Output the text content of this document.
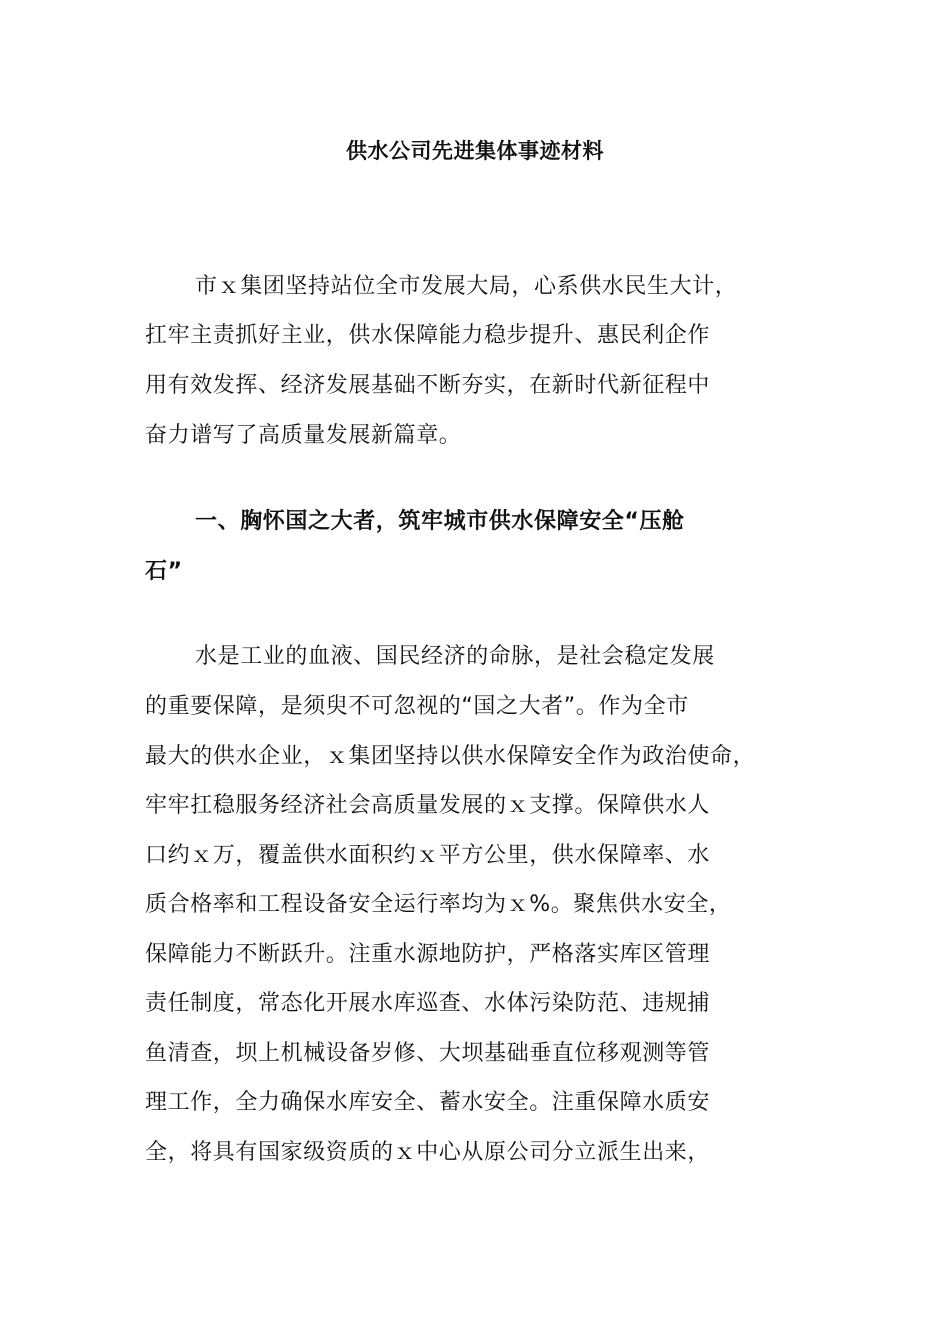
供水公司先进集体事迹材料
市ｘ集团坚持站位全市发展大局，心系供水民生大计，
扛牢主责抓好主业，供水保障能力稳步提升、惠民利企作
用有效发挥、经济发展基础不断夯实，在新时代新征程中
奋力谱写了高质量发展新篇章。
一、胸怀国之大者，筑牢城市供水保障安全“压舱
石”
水是工业的血液、国民经济的命脉，是社会稳定发展
的重要保障，是须臾不可忽视的“国之大者”。作为全市
最大的供水企业，ｘ集团坚持以供水保障安全作为政治使命，
牢牢扛稳服务经济社会高质量发展的ｘ支撑。保障供水人
口约ｘ万，覆盖供水面积约ｘ平方公里，供水保障率、水
质合格率和工程设备安全运行率均为ｘ%。聚焦供水安全，
保障能力不断跃升。注重水源地防护，严格落实库区管理
责任制度，常态化开展水库巡查、水体污染防范、违规捕
鱼清查，坝上机械设备岁修、大坝基础垂直位移观测等管
理工作，全力确保水库安全、蓄水安全。注重保障水质安
全，将具有国家级资质的ｘ中心从原公司分立派生出来，
